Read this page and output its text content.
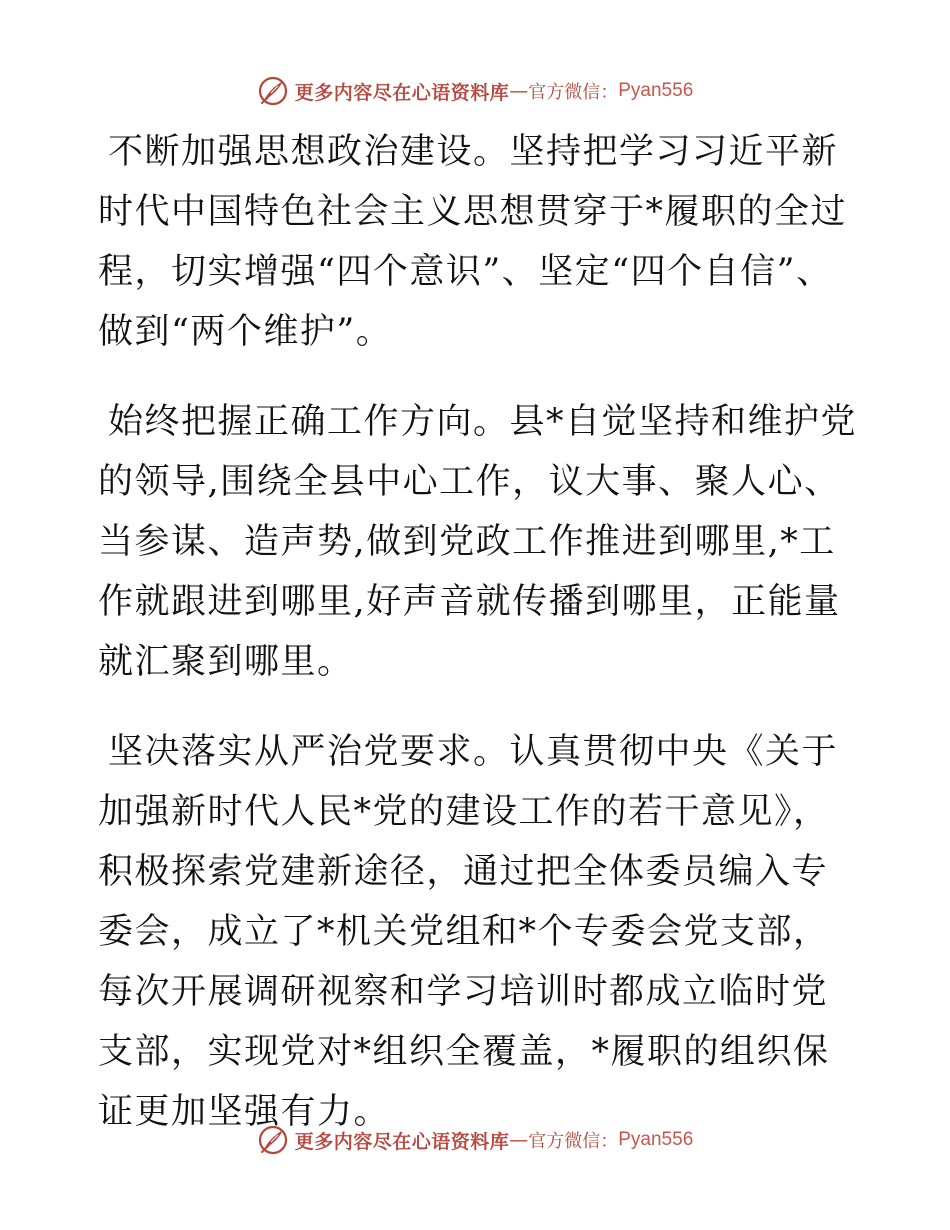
更多内容尽在心语资料库 — 官方微信： Pyan556

不断加强思想政治建设。坚持把学习习近平新时代中国特色社会主义思想贯穿于*履职的全过程，切实增强“四个意识”、坚定“四个自信”、做到“两个维护”。

始终把握正确工作方向。县*自觉坚持和维护党的领导,围绕全县中心工作，议大事、聚人心、当参谋、造声势,做到党政工作推进到哪里,*工作就跟进到哪里,好声音就传播到哪里，正能量就汇聚到哪里。

坚决落实从严治党要求。认真贯彻中央《关于加强新时代人民*党的建设工作的若干意见》，积极探索党建新途径，通过把全体委员编入专委会，成立了*机关党组和*个专委会党支部，每次开展调研视察和学习培训时都成立临时党支部，实现党对*组织全覆盖，*履职的组织保证更加坚强有力。

更多内容尽在心语资料库 — 官方微信： Pyan556
